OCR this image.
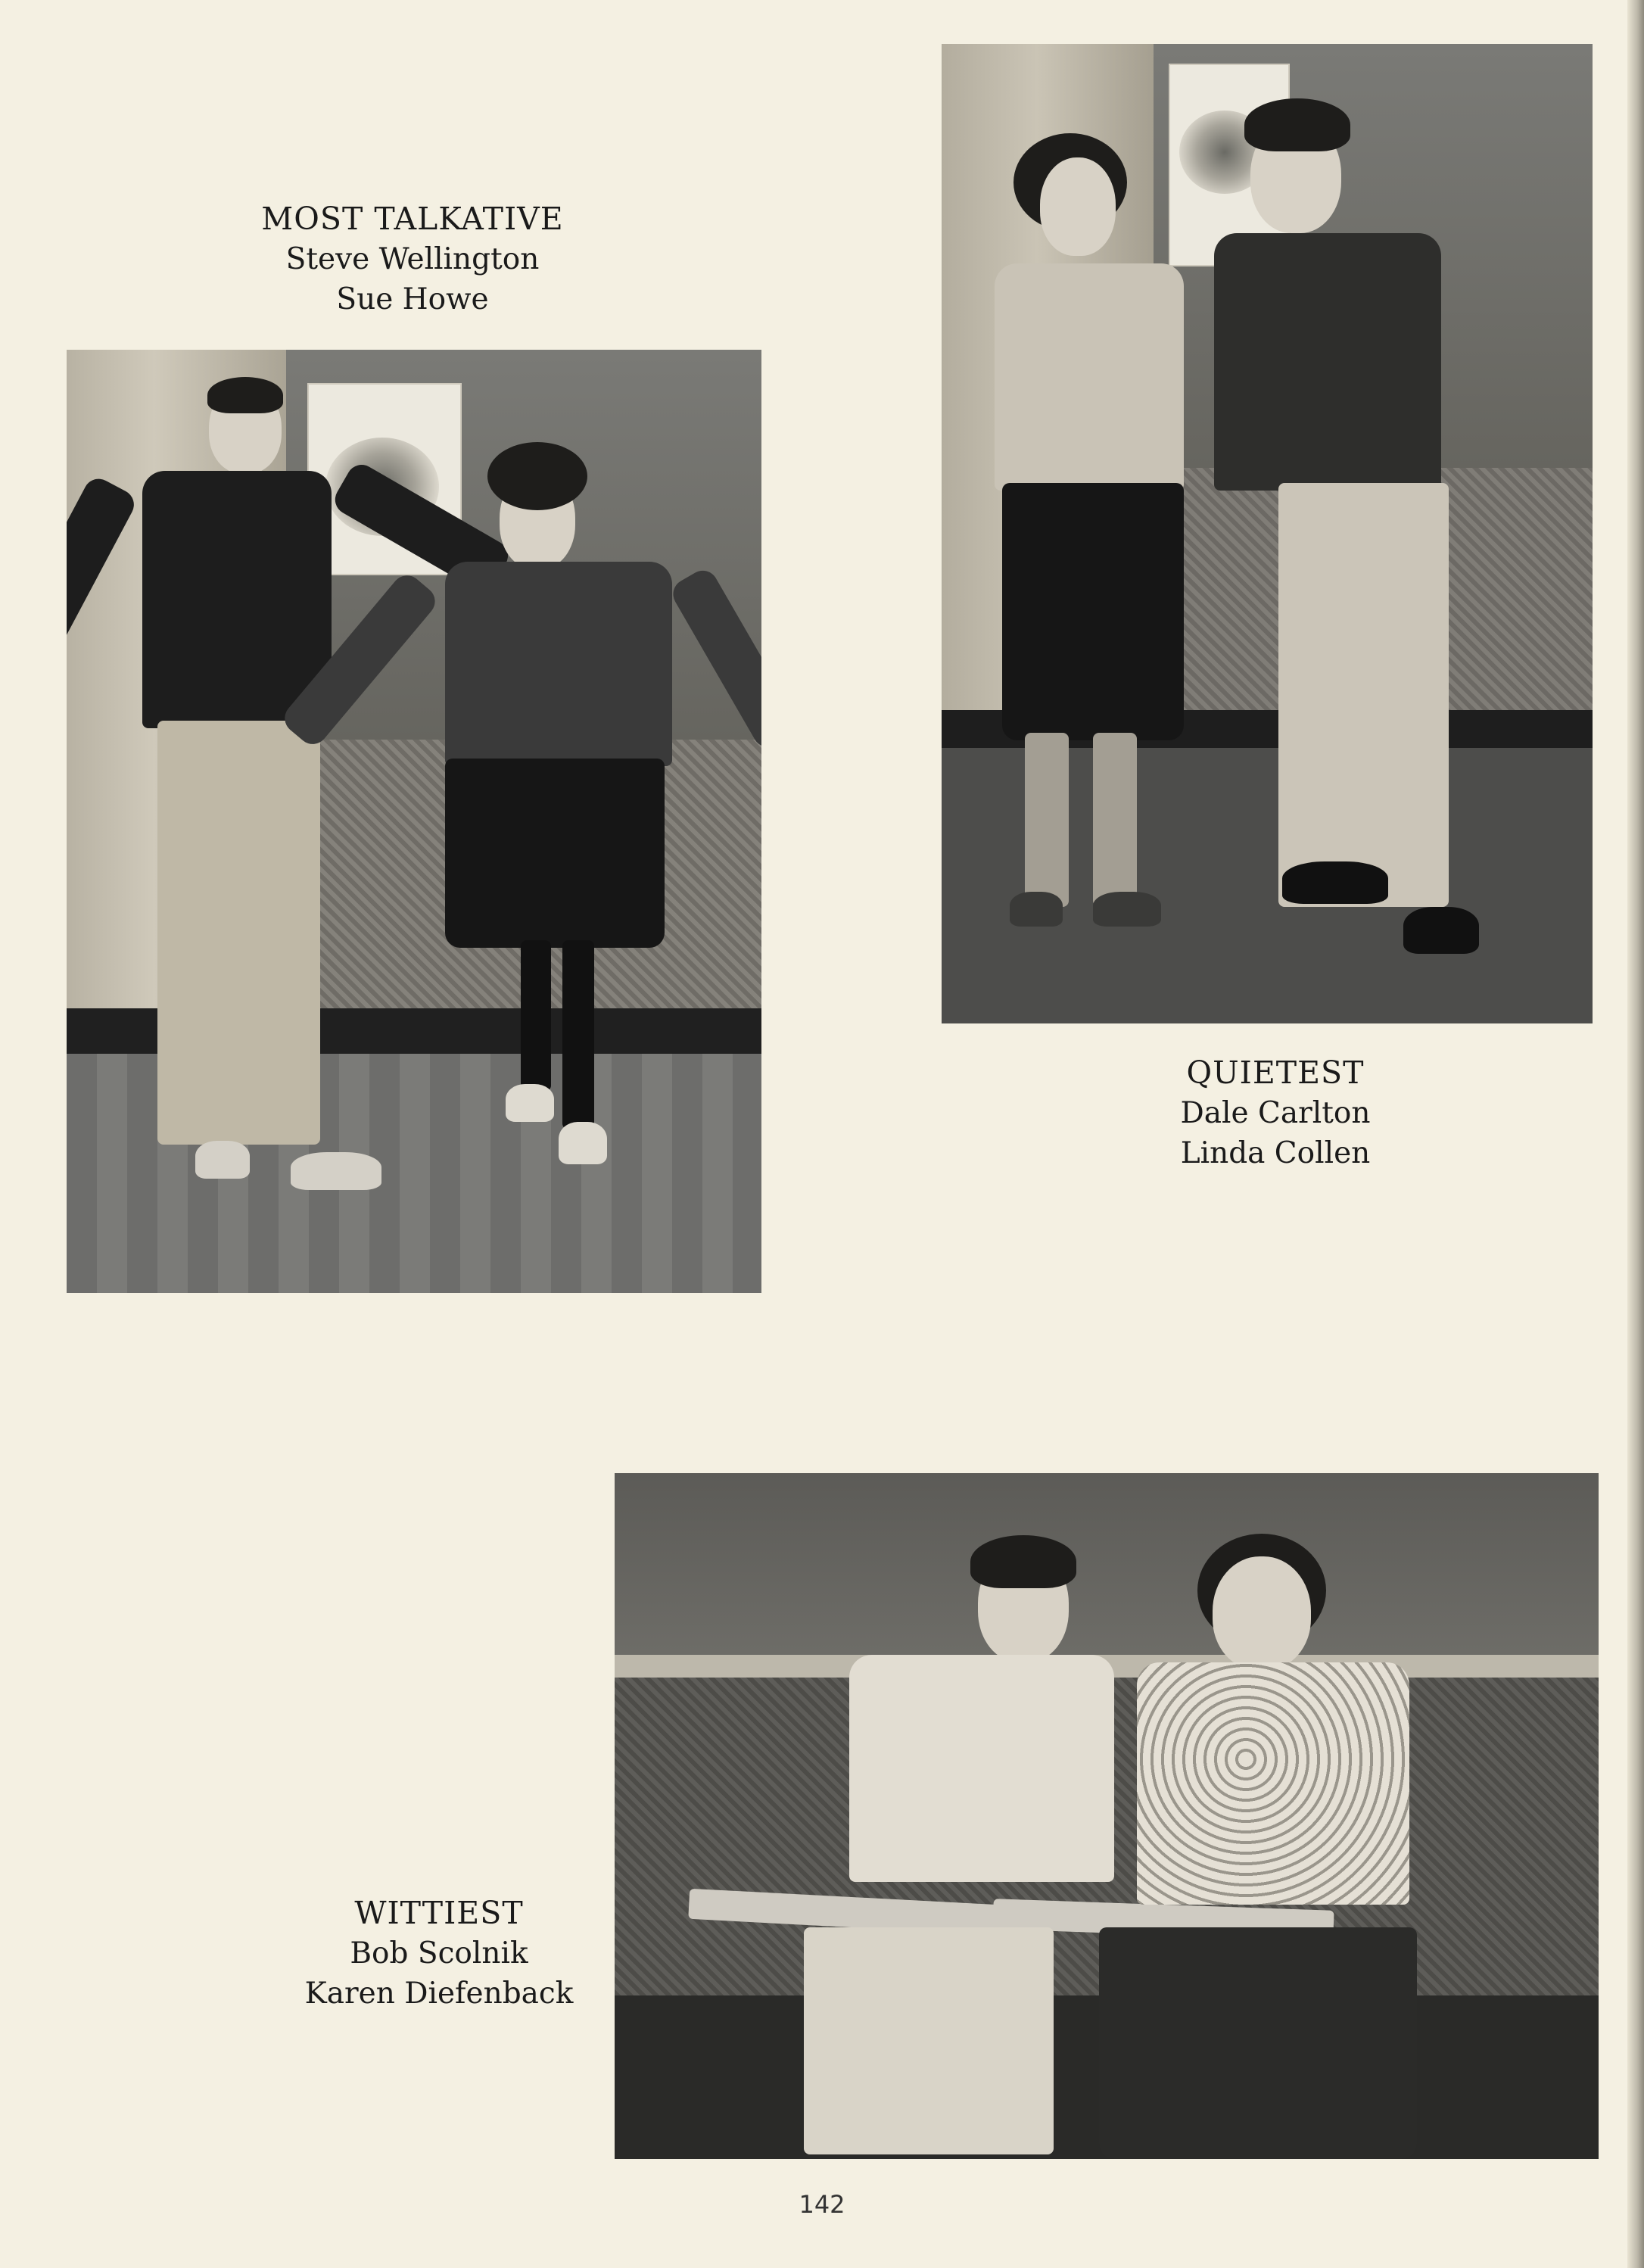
MOST TALKATIVE
Steve Wellington
Sue Howe
QUIETEST
Dale Carlton
Linda Collen
WITTIEST
Bob Scolnik
Karen Diefenback
142
